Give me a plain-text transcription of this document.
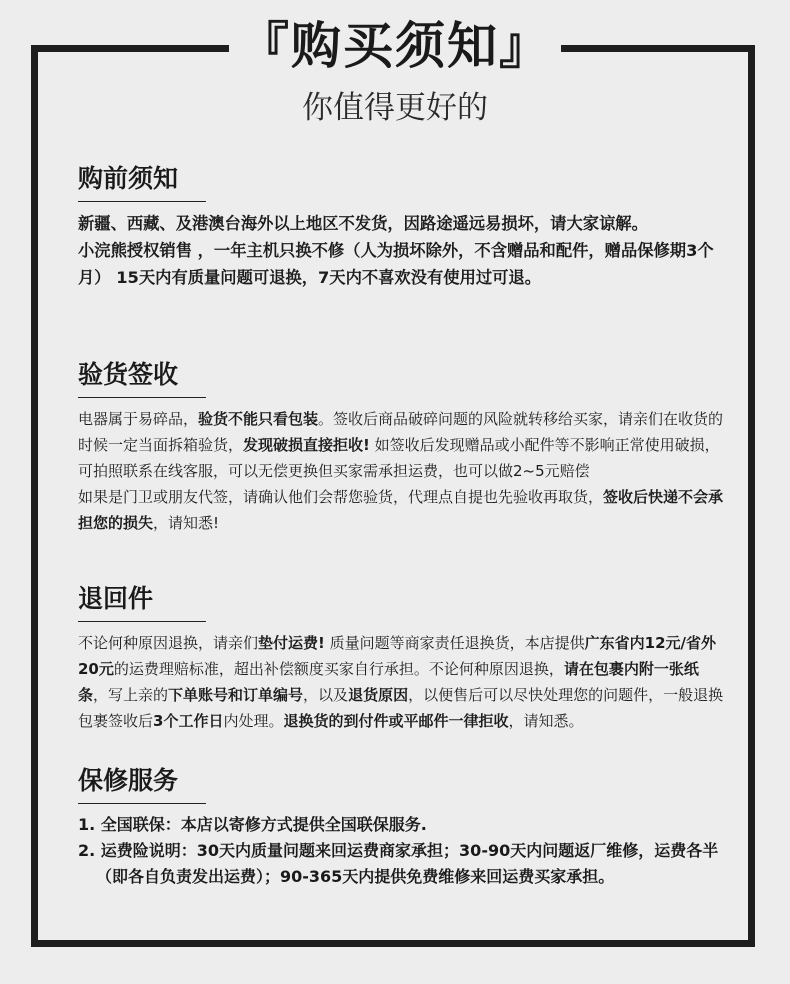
『购买须知』
你值得更好的
购前须知

新疆、西藏、及港澳台海外以上地区不发货，因路途遥远易损坏，请大家谅解。

小浣熊授权销售 ，一年主机只换不修（人为损坏除外，不含赠品和配件，赠品保修期3个月） 15天内有质量问题可退换，7天内不喜欢没有使用过可退。

验货签收

电器属于易碎品，验货不能只看包装。签收后商品破碎问题的风险就转移给买家，请亲们在收货的时候一定当面拆箱验货，发现破损直接拒收! 如签收后发现赠品或小配件等不影响正常使用破损，可拍照联系在线客服，可以无偿更换但买家需承担运费，也可以做2~5元赔偿

如果是门卫或朋友代签，请确认他们会帮您验货，代理点自提也先验收再取货，签收后快递不会承担您的损失，请知悉!

退回件

不论何种原因退换，请亲们垫付运费! 质量问题等商家责任退换货，本店提供广东省内12元/省外20元的运费理赔标准，超出补偿额度买家自行承担。不论何种原因退换，请在包裹内附一张纸条，写上亲的下单账号和订单编号，以及退货原因，以便售后可以尽快处理您的问题件，一般退换包裹签收后3个工作日内处理。退换货的到付件或平邮件一律拒收，请知悉。

保修服务
1. 全国联保：本店以寄修方式提供全国联保服务.
2. 运费险说明：30天内质量问题来回运费商家承担；30-90天内问题返厂维修，运费各半（即各自负责发出运费）；90-365天内提供免费维修来回运费买家承担。
